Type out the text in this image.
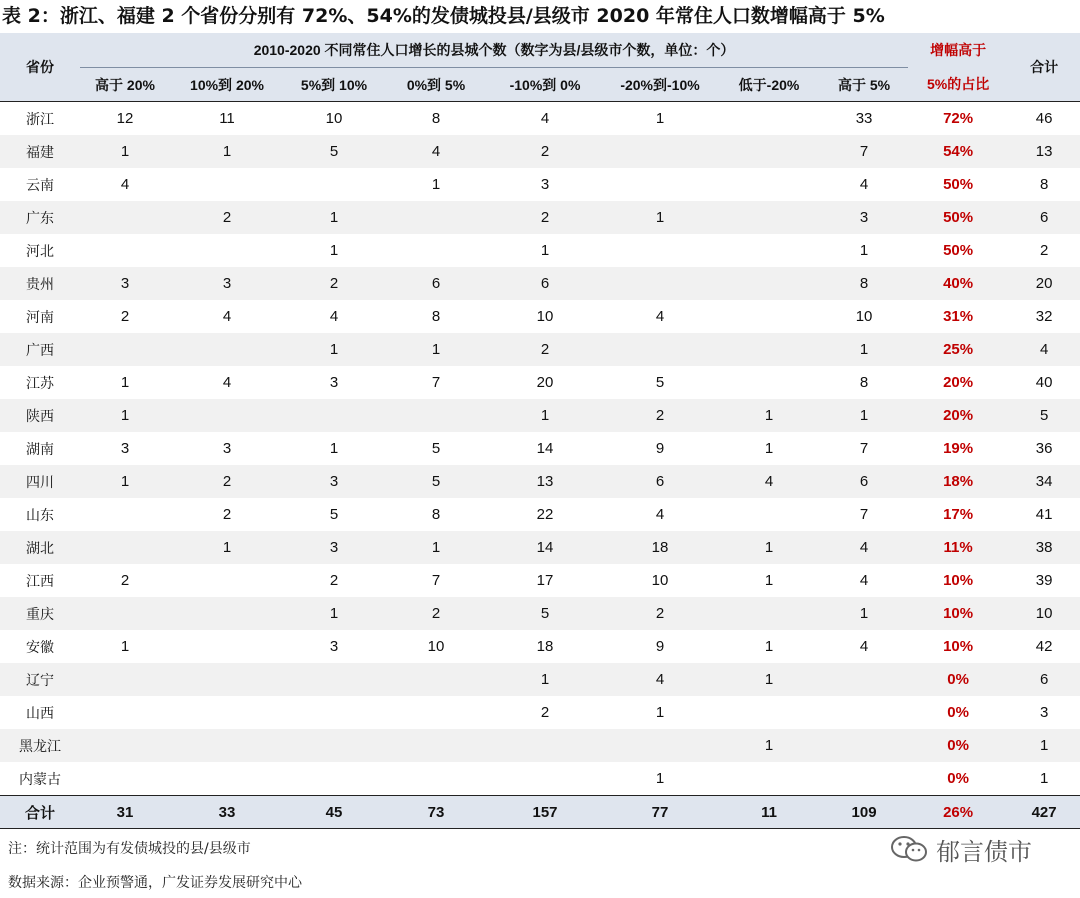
表 2：浙江、福建 2 个省份分别有 72%、54%的发债城投县/县级市 2020 年常住人口数增幅高于 5%
省份	2010-2020 不同常住人口增长的县城个数（数字为县/县级市个数，单位：个）								增幅高于	合计
	高于 20%	10%到 20%	5%到 10%	0%到 5%	-10%到 0%	-20%到-10%	低于-20%	高于 5%	5%的占比	
浙江	12	11	10	8	4	1		33	72%	46
福建	1	1	5	4	2			7	54%	13
云南	4			1	3			4	50%	8
广东		2	1		2	1		3	50%	6
河北			1		1			1	50%	2
贵州	3	3	2	6	6			8	40%	20
河南	2	4	4	8	10	4		10	31%	32
广西			1	1	2			1	25%	4
江苏	1	4	3	7	20	5		8	20%	40
陕西	1				1	2	1	1	20%	5
湖南	3	3	1	5	14	9	1	7	19%	36
四川	1	2	3	5	13	6	4	6	18%	34
山东		2	5	8	22	4		7	17%	41
湖北		1	3	1	14	18	1	4	11%	38
江西	2		2	7	17	10	1	4	10%	39
重庆			1	2	5	2		1	10%	10
安徽	1		3	10	18	9	1	4	10%	42
辽宁					1	4	1		0%	6
山西					2	1			0%	3
黑龙江							1		0%	1
内蒙古						1			0%	1
合计	31	33	45	73	157	77	11	109	26%	427
注：统计范围为有发债城投的县/县级市
数据来源：企业预警通，广发证券发展研究中心
郁言债市
